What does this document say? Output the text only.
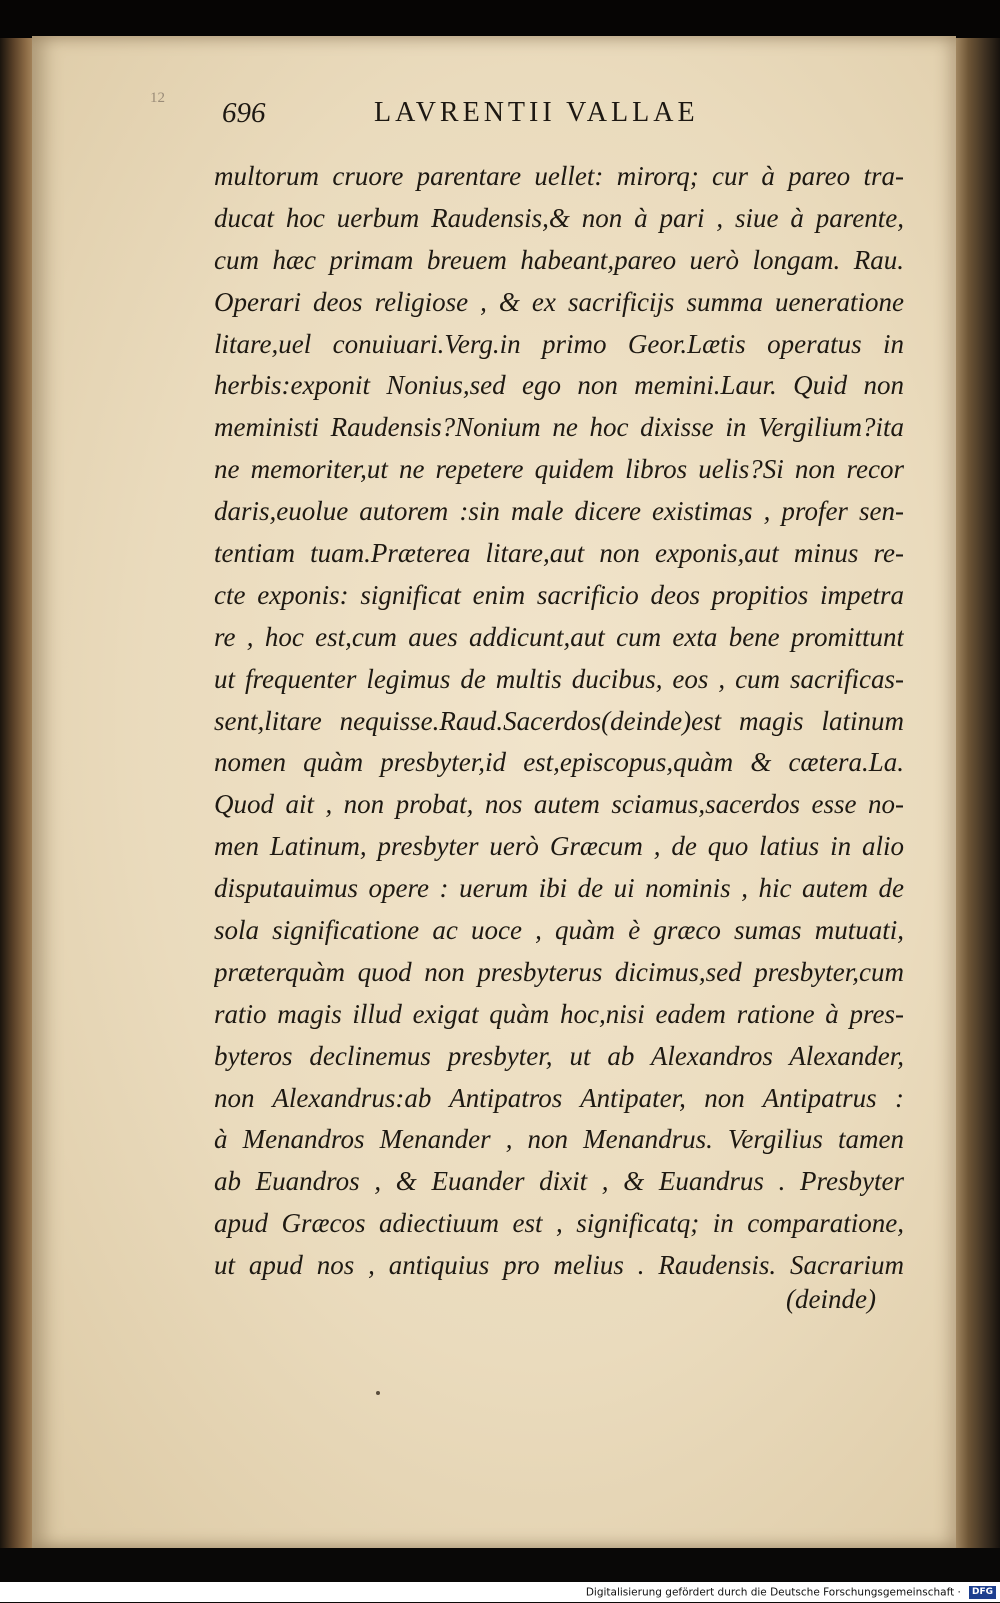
12 696	LAVRENTII VALLAE

multorum cruore parentare uellet: mirorq; cur à pareo tra-
ducat hoc uerbum Raudensis,& non à pari , siue à parente,
cum hæc primam breuem habeant,pareo uerò longam. Rau.
Operari deos religiose , & ex sacrificijs summa ueneratione
litare,uel conuiuari.Verg.in primo Geor.Lætis operatus in
herbis:exponit Nonius,sed ego non memini.Laur. Quid non
meministi Raudensis?Nonium ne hoc dixisse in Vergilium?ita
ne memoriter,ut ne repetere quidem libros uelis?Si non recor
daris,euolue autorem :sin male dicere existimas , profer sen-
tentiam tuam.Præterea litare,aut non exponis,aut minus re-
cte exponis: significat enim sacrificio deos propitios impetra
re , hoc est,cum aues addicunt,aut cum exta bene promittunt
ut frequenter legimus de multis ducibus, eos , cum sacrificas-
sent,litare nequisse.Raud.Sacerdos(deinde)est magis latinum
nomen quàm presbyter,id est,episcopus,quàm & cætera.La.
Quod ait , non probat, nos autem sciamus,sacerdos esse no-
men Latinum, presbyter uerò Græcum , de quo latius in alio
disputauimus opere : uerum ibi de ui nominis , hic autem de
sola significatione ac uoce , quàm è græco sumas mutuati,
præterquàm quod non presbyterus dicimus,sed presbyter,cum
ratio magis illud exigat quàm hoc,nisi eadem ratione à pres-
byteros declinemus presbyter, ut ab Alexandros Alexander,
non Alexandrus:ab Antipatros Antipater, non Antipatrus :
à Menandros Menander , non Menandrus. Vergilius tamen
ab Euandros , & Euander dixit , & Euandrus . Presbyter
apud Græcos adiectiuum est , significatq; in comparatione,
ut apud nos , antiquius pro melius . Raudensis. Sacrarium

(deinde)

Digitalisierung gefördert durch die Deutsche Forschungsgemeinschaft · DFG
